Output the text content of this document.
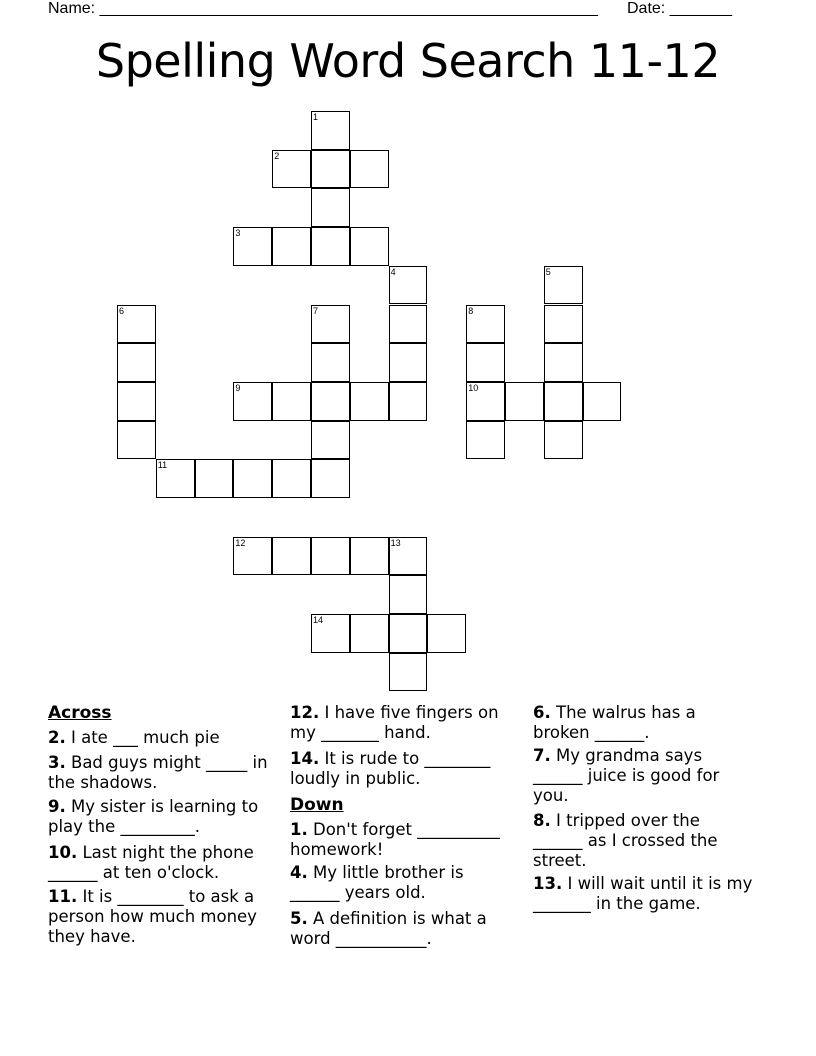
Name: ________________________________________________________ Date: _______
Spelling Word Search 11-12
1
2
3
4	5
6	7	8
10
9
11
12	13
14
Across
Down
2. I ate ___ much pie
3. Bad guys might _____ in the shadows.
9. My sister is learning to play the _________.
10. Last night the phone ______ at ten o'clock.
11. It is ________ to ask a person how much money they have.
12. I have five fingers on my _______ hand.
14. It is rude to ________ loudly in public.
1. Don't forget __________ homework!
4. My little brother is ______ years old.
5. A definition is what a word ___________.
6. The walrus has a broken ______.
7. My grandma says ______ juice is good for you.
8. I tripped over the ______ as I crossed the street.
13. I will wait until it is my _______ in the game.
